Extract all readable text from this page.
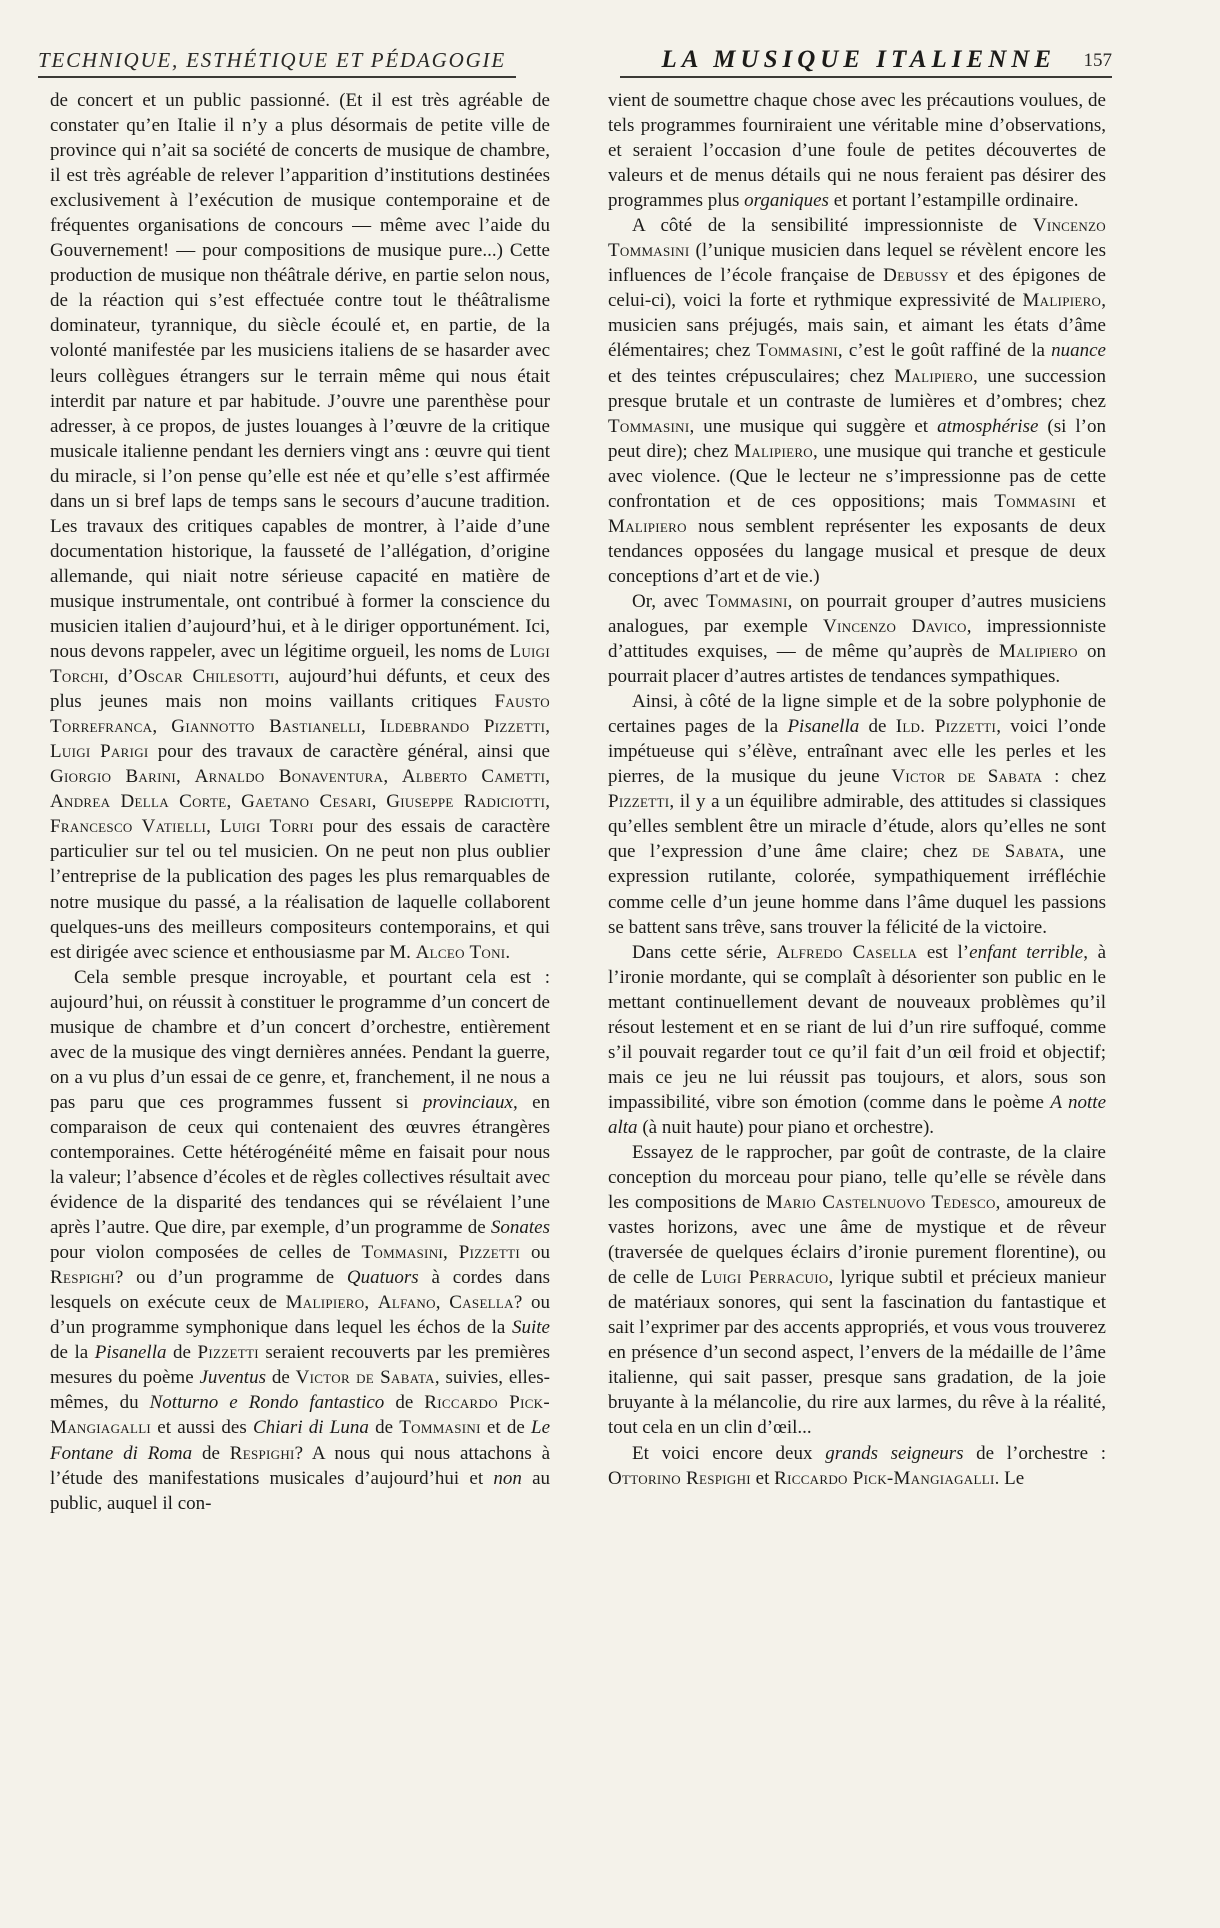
TECHNIQUE, ESTHÉTIQUE ET PÉDAGOGIE	LA MUSIQUE ITALIENNE 157

de concert et un public passionné. (Et il est très agréable de constater qu’en Italie il n’y a plus désormais de petite ville de province qui n’ait sa société de concerts de musique de chambre, il est très agréable de relever l’apparition d’institutions destinées exclusivement à l’exécution de musique contemporaine et de fréquentes organisations de concours — même avec l’aide du Gouvernement! — pour compositions de musique pure...) Cette production de musique non théâtrale dérive, en partie selon nous, de la réaction qui s’est effectuée contre tout le théâtralisme dominateur, tyrannique, du siècle écoulé et, en partie, de la volonté manifestée par les musiciens italiens de se hasarder avec leurs collègues étrangers sur le terrain même qui nous était interdit par nature et par habitude. J’ouvre une parenthèse pour adresser, à ce propos, de justes louanges à l’œuvre de la critique musicale italienne pendant les derniers vingt ans : œuvre qui tient du miracle, si l’on pense qu’elle est née et qu’elle s’est affirmée dans un si bref laps de temps sans le secours d’aucune tradition. Les travaux des critiques capables de montrer, à l’aide d’une documentation historique, la fausseté de l’allégation, d’origine allemande, qui niait notre sérieuse capacité en matière de musique instrumentale, ont contribué à former la conscience du musicien italien d’aujourd’hui, et à le diriger opportunément. Ici, nous devons rappeler, avec un légitime orgueil, les noms de Luigi Torchi, d’Oscar Chilesotti, aujourd’hui défunts, et ceux des plus jeunes mais non moins vaillants critiques Fausto Torrefranca, Giannotto Bastianelli, Ildebrando Pizzetti, Luigi Parigi pour des travaux de caractère général, ainsi que Giorgio Barini, Arnaldo Bonaventura, Alberto Cametti, Andrea Della Corte, Gaetano Cesari, Giuseppe Radiciotti, Francesco Vatielli, Luigi Torri pour des essais de caractère particulier sur tel ou tel musicien. On ne peut non plus oublier l’entreprise de la publication des pages les plus remarquables de notre musique du passé, a la réalisation de laquelle collaborent quelques-uns des meilleurs compositeurs contemporains, et qui est dirigée avec science et enthousiasme par M. Alceo Toni.

Cela semble presque incroyable, et pourtant cela est : aujourd’hui, on réussit à constituer le programme d’un concert de musique de chambre et d’un concert d’orchestre, entièrement avec de la musique des vingt dernières années. Pendant la guerre, on a vu plus d’un essai de ce genre, et, franchement, il ne nous a pas paru que ces programmes fussent si provinciaux, en comparaison de ceux qui contenaient des œuvres étrangères contemporaines. Cette hétérogénéité même en faisait pour nous la valeur; l’absence d’écoles et de règles collectives résultait avec évidence de la disparité des tendances qui se révélaient l’une après l’autre. Que dire, par exemple, d’un programme de Sonates pour violon composées de celles de Tommasini, Pizzetti ou Respighi? ou d’un programme de Quatuors à cordes dans lesquels on exécute ceux de Malipiero, Alfano, Casella? ou d’un programme symphonique dans lequel les échos de la Suite de la Pisanella de Pizzetti seraient recouverts par les premières mesures du poème Juventus de Victor de Sabata, suivies, elles-mêmes, du Notturno e Rondo fantastico de Riccardo Pick-Mangiagalli et aussi des Chiari di Luna de Tommasini et de Le Fontane di Roma de Respighi? A nous qui nous attachons à l’étude des manifestations musicales d’aujourd’hui et non au public, auquel il con-

vient de soumettre chaque chose avec les précautions voulues, de tels programmes fourniraient une véritable mine d’observations, et seraient l’occasion d’une foule de petites découvertes de valeurs et de menus détails qui ne nous feraient pas désirer des programmes plus organiques et portant l’estampille ordinaire.

A côté de la sensibilité impressionniste de Vincenzo Tommasini (l’unique musicien dans lequel se révèlent encore les influences de l’école française de Debussy et des épigones de celui-ci), voici la forte et rythmique expressivité de Malipiero, musicien sans préjugés, mais sain, et aimant les états d’âme élémentaires; chez Tommasini, c’est le goût raffiné de la nuance et des teintes crépusculaires; chez Malipiero, une succession presque brutale et un contraste de lumières et d’ombres; chez Tommasini, une musique qui suggère et atmosphérise (si l’on peut dire); chez Malipiero, une musique qui tranche et gesticule avec violence. (Que le lecteur ne s’impressionne pas de cette confrontation et de ces oppositions; mais Tommasini et Malipiero nous semblent représenter les exposants de deux tendances opposées du langage musical et presque de deux conceptions d’art et de vie.)

Or, avec Tommasini, on pourrait grouper d’autres musiciens analogues, par exemple Vincenzo Davico, impressionniste d’attitudes exquises, — de même qu’auprès de Malipiero on pourrait placer d’autres artistes de tendances sympathiques.

Ainsi, à côté de la ligne simple et de la sobre polyphonie de certaines pages de la Pisanella de Ild. Pizzetti, voici l’onde impétueuse qui s’élève, entraînant avec elle les perles et les pierres, de la musique du jeune Victor de Sabata : chez Pizzetti, il y a un équilibre admirable, des attitudes si classiques qu’elles semblent être un miracle d’étude, alors qu’elles ne sont que l’expression d’une âme claire; chez de Sabata, une expression rutilante, colorée, sympathiquement irréfléchie comme celle d’un jeune homme dans l’âme duquel les passions se battent sans trêve, sans trouver la félicité de la victoire.

Dans cette série, Alfredo Casella est l’enfant terrible, à l’ironie mordante, qui se complaît à désorienter son public en le mettant continuellement devant de nouveaux problèmes qu’il résout lestement et en se riant de lui d’un rire suffoqué, comme s’il pouvait regarder tout ce qu’il fait d’un œil froid et objectif; mais ce jeu ne lui réussit pas toujours, et alors, sous son impassibilité, vibre son émotion (comme dans le poème A notte alta (à nuit haute) pour piano et orchestre).

Essayez de le rapprocher, par goût de contraste, de la claire conception du morceau pour piano, telle qu’elle se révèle dans les compositions de Mario Castelnuovo Tedesco, amoureux de vastes horizons, avec une âme de mystique et de rêveur (traversée de quelques éclairs d’ironie purement florentine), ou de celle de Luigi Perracuio, lyrique subtil et précieux manieur de matériaux sonores, qui sent la fascination du fantastique et sait l’exprimer par des accents appropriés, et vous vous trouverez en présence d’un second aspect, l’envers de la médaille de l’âme italienne, qui sait passer, presque sans gradation, de la joie bruyante à la mélancolie, du rire aux larmes, du rêve à la réalité, tout cela en un clin d’œil...

Et voici encore deux grands seigneurs de l’orchestre : Ottorino Respighi et Riccardo Pick-Mangiagalli. Le
